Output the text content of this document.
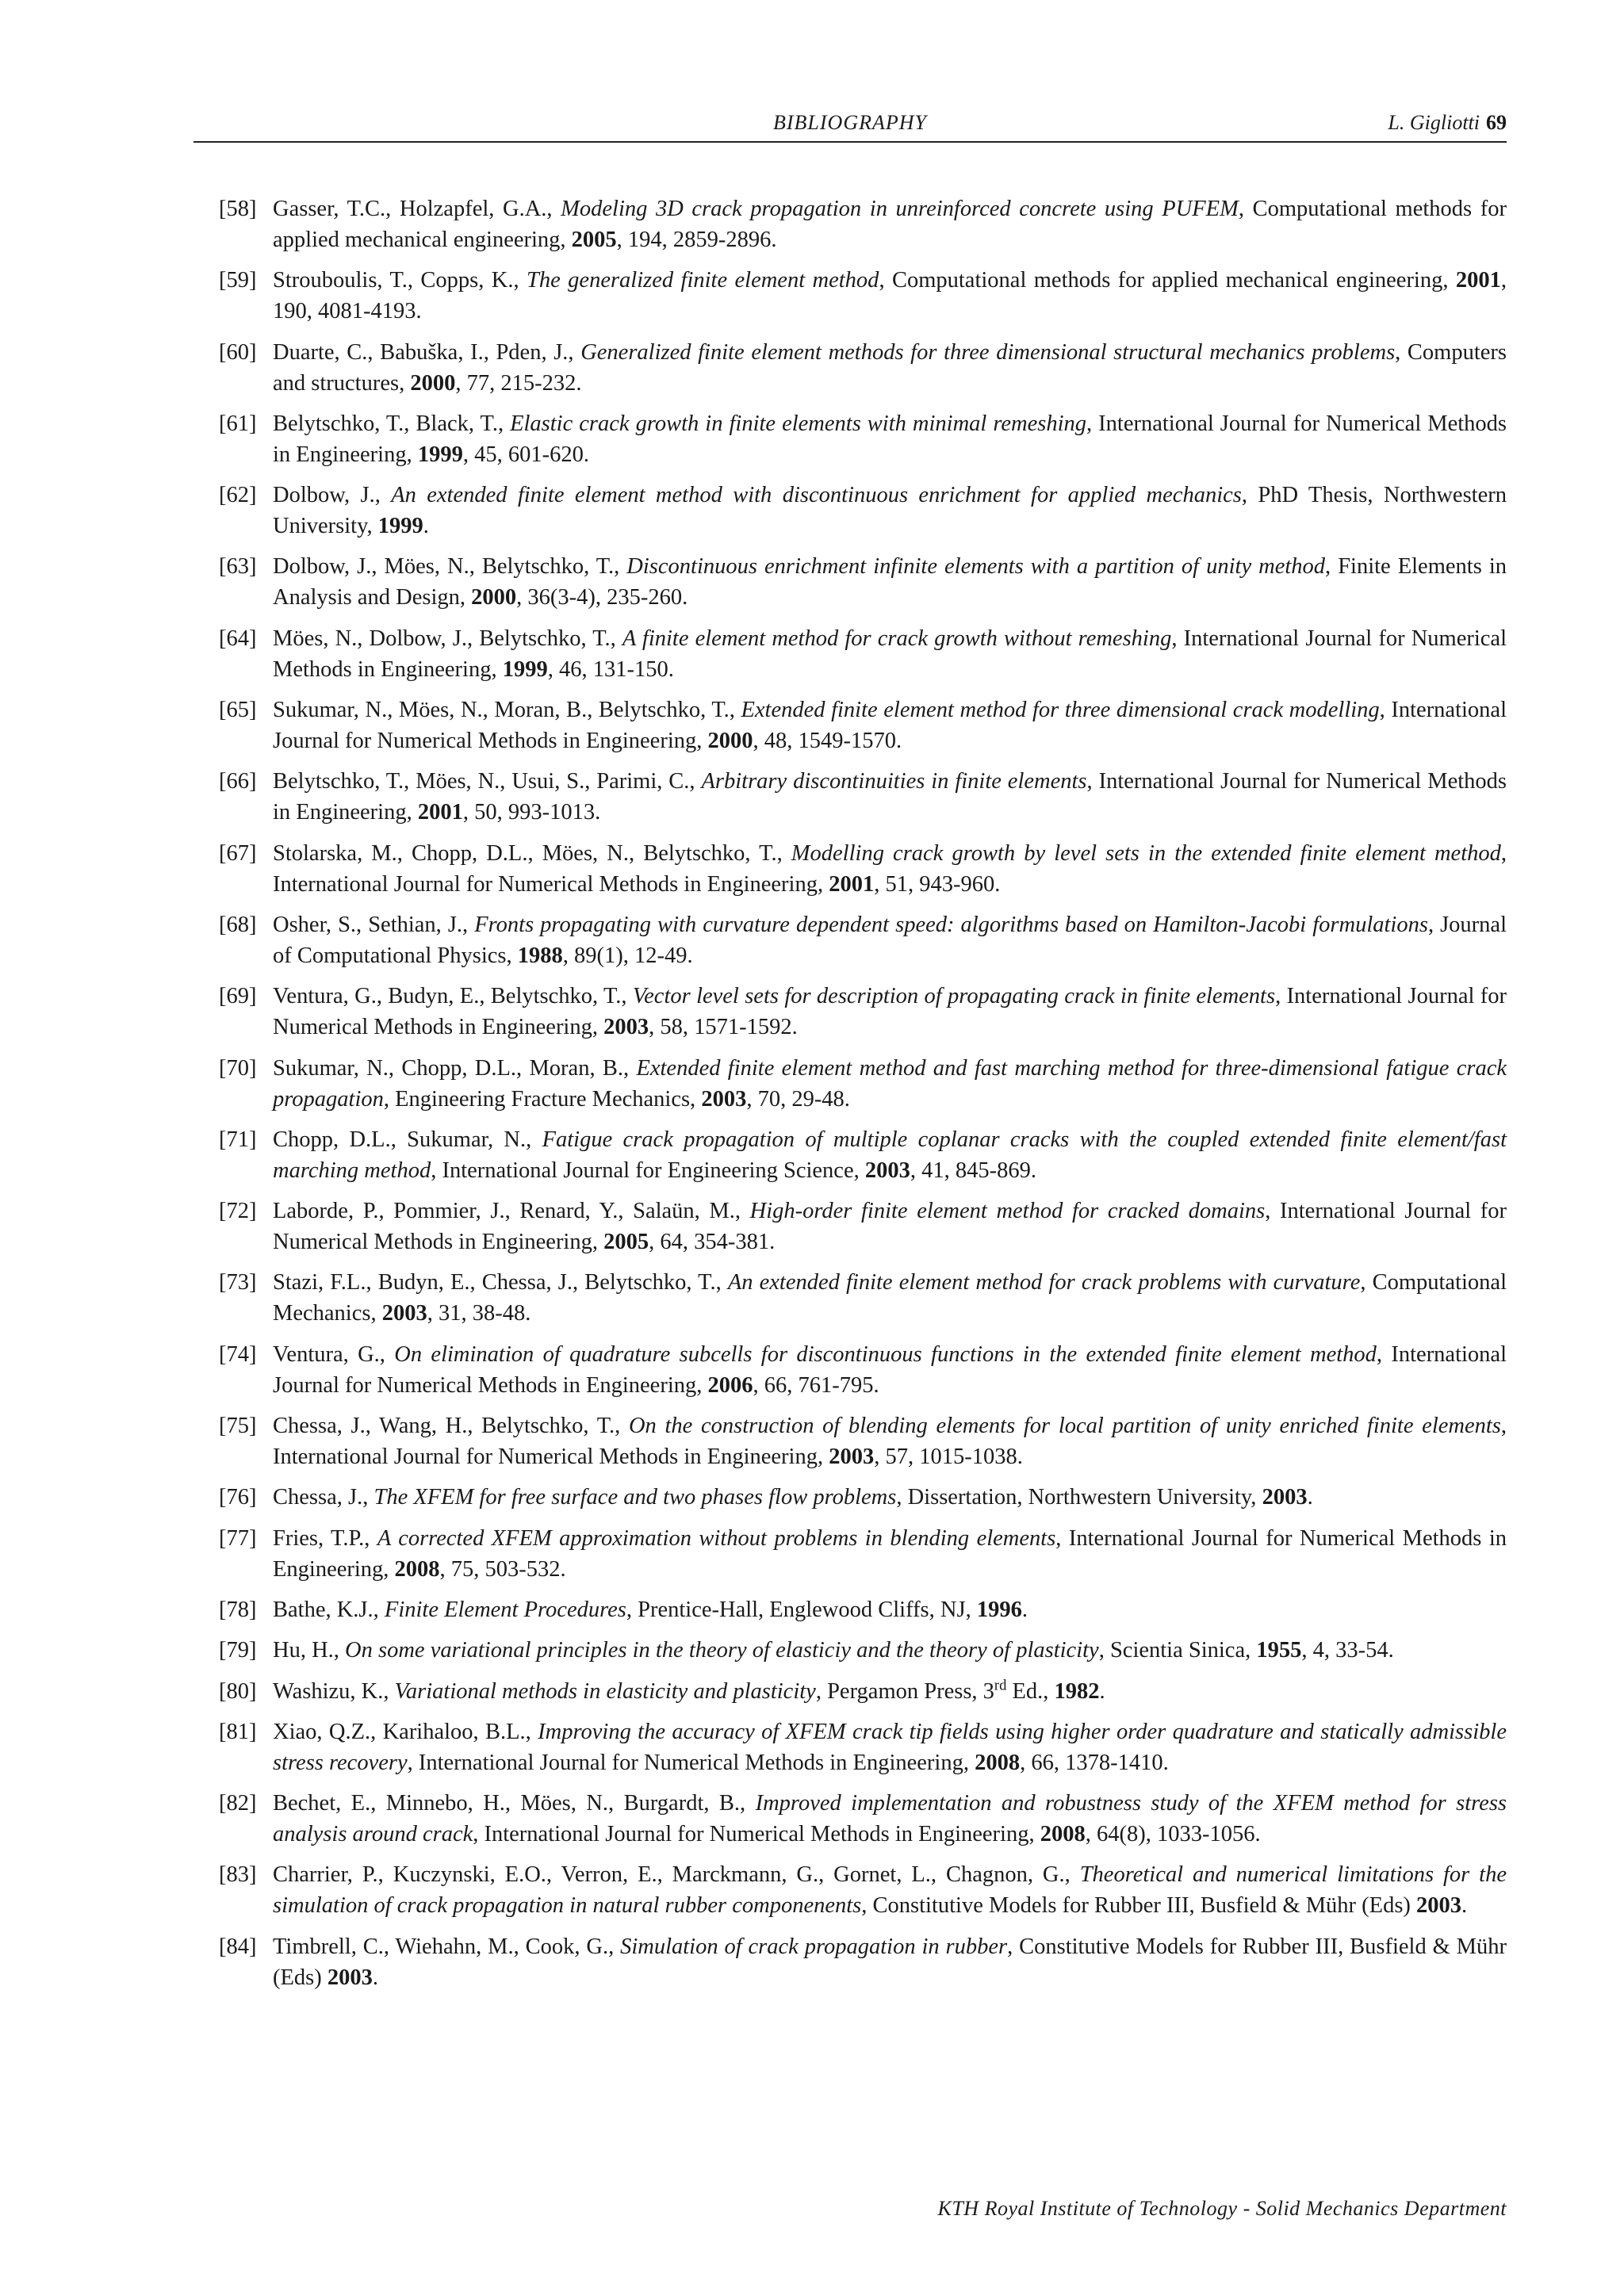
BIBLIOGRAPHY	L. Gigliotti 69
[58] Gasser, T.C., Holzapfel, G.A., Modeling 3D crack propagation in unreinforced concrete using PUFEM, Computational methods for applied mechanical engineering, 2005, 194, 2859-2896.
[59] Strouboulis, T., Copps, K., The generalized finite element method, Computational methods for applied mechanical engineering, 2001, 190, 4081-4193.
[60] Duarte, C., Babuška, I., Pden, J., Generalized finite element methods for three dimensional structural mechanics problems, Computers and structures, 2000, 77, 215-232.
[61] Belytschko, T., Black, T., Elastic crack growth in finite elements with minimal remeshing, International Journal for Numerical Methods in Engineering, 1999, 45, 601-620.
[62] Dolbow, J., An extended finite element method with discontinuous enrichment for applied mechanics, PhD Thesis, Northwestern University, 1999.
[63] Dolbow, J., Möes, N., Belytschko, T., Discontinuous enrichment infinite elements with a partition of unity method, Finite Elements in Analysis and Design, 2000, 36(3-4), 235-260.
[64] Möes, N., Dolbow, J., Belytschko, T., A finite element method for crack growth without remeshing, International Journal for Numerical Methods in Engineering, 1999, 46, 131-150.
[65] Sukumar, N., Möes, N., Moran, B., Belytschko, T., Extended finite element method for three dimensional crack modelling, International Journal for Numerical Methods in Engineering, 2000, 48, 1549-1570.
[66] Belytschko, T., Möes, N., Usui, S., Parimi, C., Arbitrary discontinuities in finite elements, International Journal for Numerical Methods in Engineering, 2001, 50, 993-1013.
[67] Stolarska, M., Chopp, D.L., Möes, N., Belytschko, T., Modelling crack growth by level sets in the extended finite element method, International Journal for Numerical Methods in Engineering, 2001, 51, 943-960.
[68] Osher, S., Sethian, J., Fronts propagating with curvature dependent speed: algorithms based on Hamilton-Jacobi formulations, Journal of Computational Physics, 1988, 89(1), 12-49.
[69] Ventura, G., Budyn, E., Belytschko, T., Vector level sets for description of propagating crack in finite elements, International Journal for Numerical Methods in Engineering, 2003, 58, 1571-1592.
[70] Sukumar, N., Chopp, D.L., Moran, B., Extended finite element method and fast marching method for three-dimensional fatigue crack propagation, Engineering Fracture Mechanics, 2003, 70, 29-48.
[71] Chopp, D.L., Sukumar, N., Fatigue crack propagation of multiple coplanar cracks with the coupled extended finite element/fast marching method, International Journal for Engineering Science, 2003, 41, 845-869.
[72] Laborde, P., Pommier, J., Renard, Y., Salaün, M., High-order finite element method for cracked domains, International Journal for Numerical Methods in Engineering, 2005, 64, 354-381.
[73] Stazi, F.L., Budyn, E., Chessa, J., Belytschko, T., An extended finite element method for crack problems with curvature, Computational Mechanics, 2003, 31, 38-48.
[74] Ventura, G., On elimination of quadrature subcells for discontinuous functions in the extended finite element method, International Journal for Numerical Methods in Engineering, 2006, 66, 761-795.
[75] Chessa, J., Wang, H., Belytschko, T., On the construction of blending elements for local partition of unity enriched finite elements, International Journal for Numerical Methods in Engineering, 2003, 57, 1015-1038.
[76] Chessa, J., The XFEM for free surface and two phases flow problems, Dissertation, Northwestern University, 2003.
[77] Fries, T.P., A corrected XFEM approximation without problems in blending elements, International Journal for Numerical Methods in Engineering, 2008, 75, 503-532.
[78] Bathe, K.J., Finite Element Procedures, Prentice-Hall, Englewood Cliffs, NJ, 1996.
[79] Hu, H., On some variational principles in the theory of elasticiy and the theory of plasticity, Scientia Sinica, 1955, 4, 33-54.
[80] Washizu, K., Variational methods in elasticity and plasticity, Pergamon Press, 3rd Ed., 1982.
[81] Xiao, Q.Z., Karihaloo, B.L., Improving the accuracy of XFEM crack tip fields using higher order quadrature and statically admissible stress recovery, International Journal for Numerical Methods in Engineering, 2008, 66, 1378-1410.
[82] Bechet, E., Minnebo, H., Möes, N., Burgardt, B., Improved implementation and robustness study of the XFEM method for stress analysis around crack, International Journal for Numerical Methods in Engineering, 2008, 64(8), 1033-1056.
[83] Charrier, P., Kuczynski, E.O., Verron, E., Marckmann, G., Gornet, L., Chagnon, G., Theoretical and numerical limitations for the simulation of crack propagation in natural rubber componenents, Constitutive Models for Rubber III, Busfield & Mühr (Eds) 2003.
[84] Timbrell, C., Wiehahn, M., Cook, G., Simulation of crack propagation in rubber, Constitutive Models for Rubber III, Busfield & Mühr (Eds) 2003.
KTH Royal Institute of Technology - Solid Mechanics Department
